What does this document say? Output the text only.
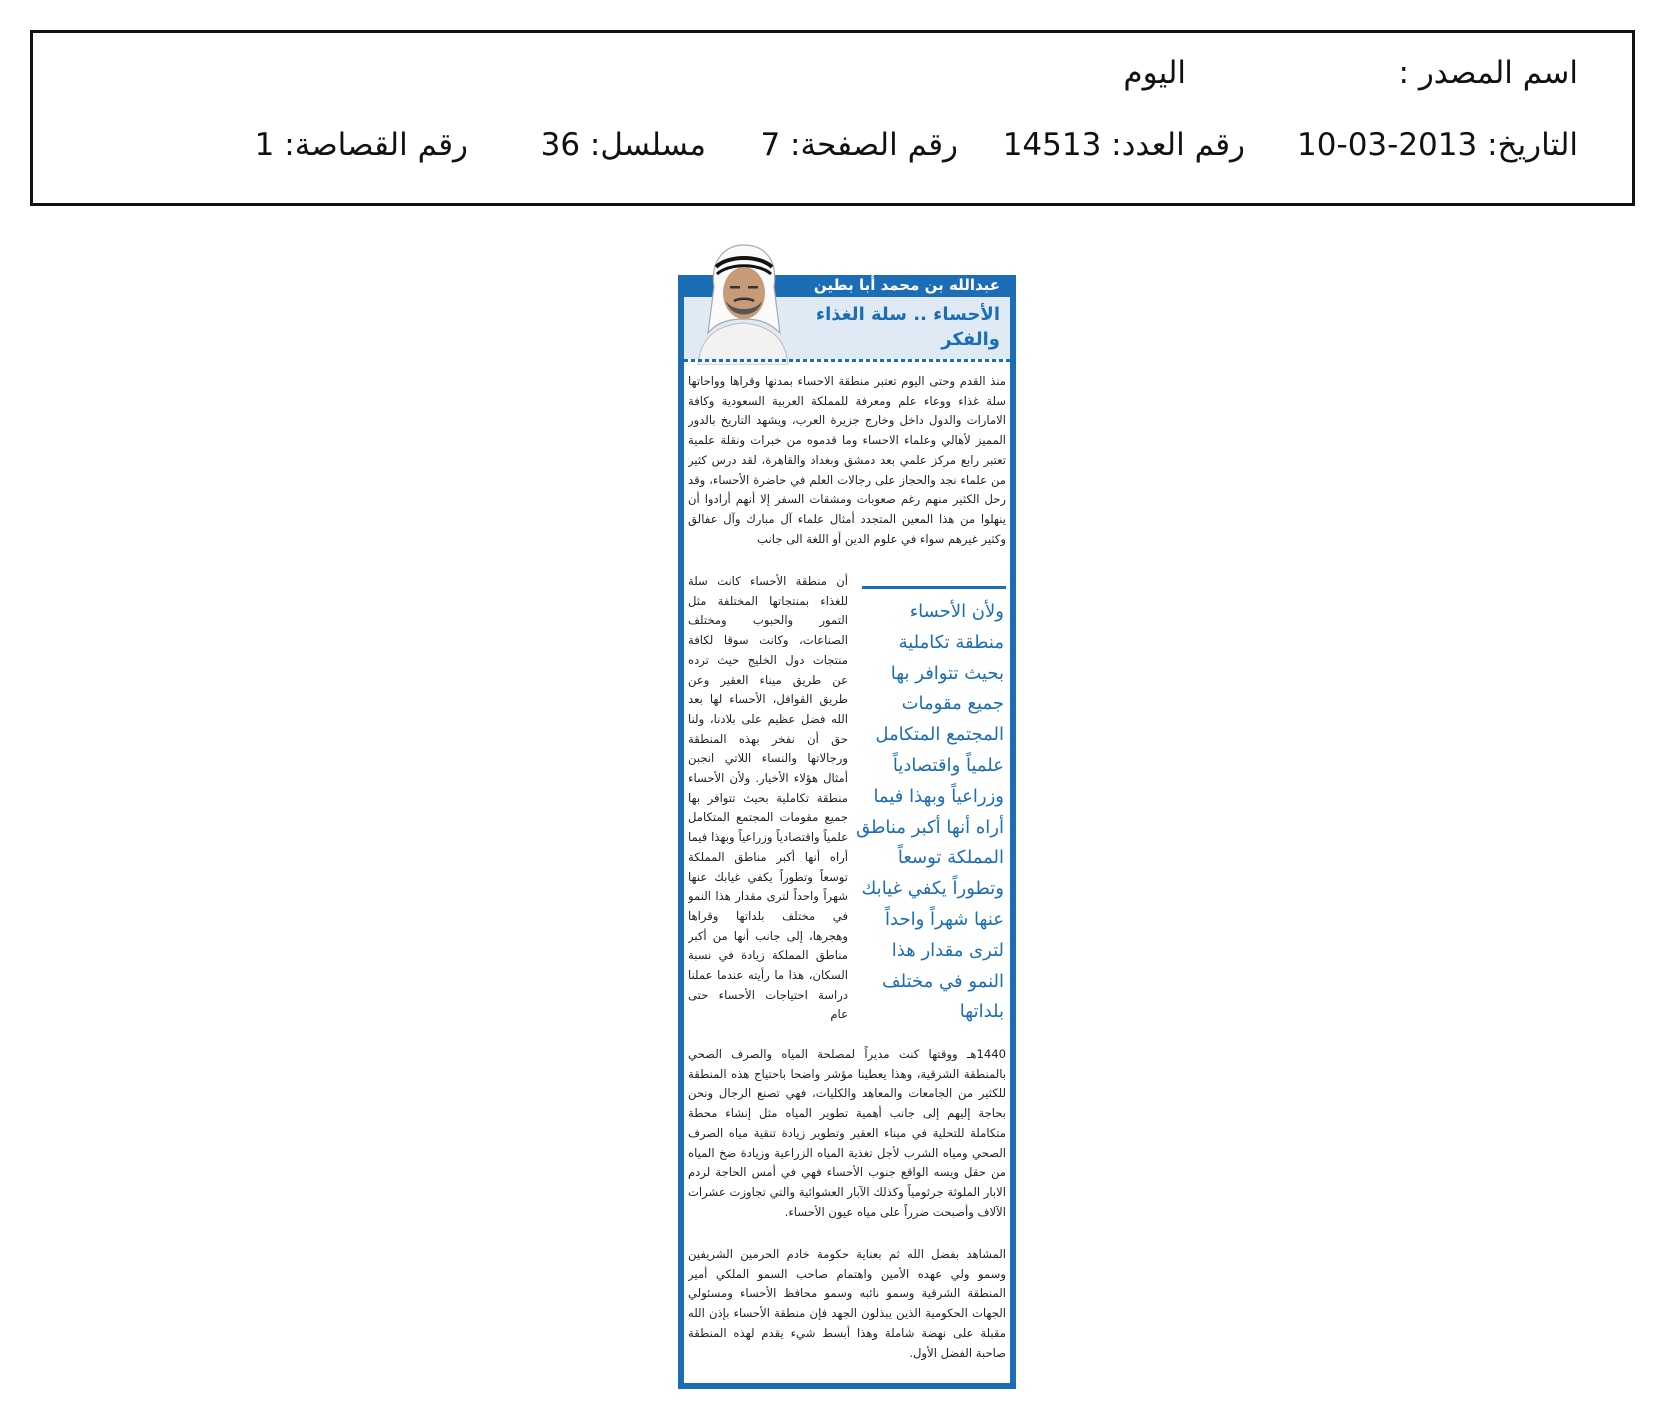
اسم المصدر :
اليوم
التاريخ: 2013-03-10
رقم العدد: 14513
رقم الصفحة: 7
مسلسل: 36
رقم القصاصة: 1
عبدالله بن محمد أبا بطين
الأحساء .. سلة الغذاء والفكر
منذ القدم وحتى اليوم تعتبر منطقة الاحساء بمدنها وقراها وواحاتها سلة غذاء ووعاء علم ومعرفة للمملكة العربية السعودية وكافة الامارات والدول داخل وخارج جزيرة العرب، ويشهد التاريخ بالدور المميز لأهالي وعلماء الاحساء وما قدموه من خبرات ونقلة علمية تعتبر رابع مركز علمي بعد دمشق وبغداد والقاهرة، لقد درس كثير من علماء نجد والحجاز على رجالات العلم في حاضرة الأحساء، وقد رحل الكثير منهم رغم صعوبات ومشقات السفر إلا أنهم أرادوا أن ينهلوا من هذا المعين المتجدد أمثال علماء آل مبارك وآل عفالق وكثير غيرهم سواء في علوم الدين أو اللغة الى جانب
أن منطقة الأحساء كانت سلة للغذاء بمنتجاتها المختلفة مثل التمور والحبوب ومختلف الصناعات، وكانت سوقا لكافة منتجات دول الخليج حيث ترده عن طريق ميناء العقير وعن طريق القوافل، الأحساء لها بعد الله فضل عظيم على بلادنا، ولنا حق أن نفخر بهذه المنطقة ورجالاتها والنساء اللاتي انجبن أمثال هؤلاء الأخيار. ولأن الأحساء منطقة تكاملية بحيث تتوافر بها جميع مقومات المجتمع المتكامل علمياً واقتصادياً وزراعياً وبهذا فيما أراه أنها أكبر مناطق المملكة توسعاً وتطوراً يكفي غيابك عنها شهراً واحداً لترى مقدار هذا النمو في مختلف بلداتها وقراها وهجرها، إلى جانب أنها من أكبر مناطق المملكة زيادة في نسبة السكان، هذا ما رأيته عندما عملنا دراسة احتياجات الأحساء حتى عام
ولأن الأحساء منطقة تكاملية بحيث تتوافر بها جميع مقومات المجتمع المتكامل علمياً واقتصادياً وزراعياً وبهذا فيما أراه أنها أكبر مناطق المملكة توسعاً وتطوراً يكفي غيابك عنها شهراً واحداً لترى مقدار هذا النمو في مختلف بلداتها
1440هـ ووقتها كنت مديراً لمصلحة المياه والصرف الصحي بالمنطقة الشرقية، وهذا يعطينا مؤشر واضحا باحتياج هذه المنطقة للكثير من الجامعات والمعاهد والكليات، فهي تصنع الرجال ونحن بحاجة إليهم إلى جانب أهمية تطوير المياه مثل إنشاء محطة متكاملة للتحلية في ميناء العقير وتطوير زيادة تنقية مياه الصرف الصحي ومياه الشرب لأجل تغذية المياه الزراعية وزيادة ضخ المياه من حقل ويسه الواقع جنوب الأحساء فهي في أمس الحاجة لردم الابار الملوثة جرثومياً وكذلك الآبار العشوائية والتي تجاوزت عشرات الآلاف وأصبحت ضرراً على مياه عيون الأحساء.
المشاهد بفضل الله ثم بعناية حكومة خادم الحرمين الشريفين وسمو ولي عهده الأمين واهتمام صاحب السمو الملكي أمير المنطقة الشرقية وسمو نائبه وسمو محافظ الأحساء ومسئولي الجهات الحكومية الذين يبذلون الجهد فإن منطقة الأحساء بإذن الله مقبلة على نهضة شاملة وهذا أبسط شيء يقدم لهذه المنطقة صاحبة الفضل الأول.
